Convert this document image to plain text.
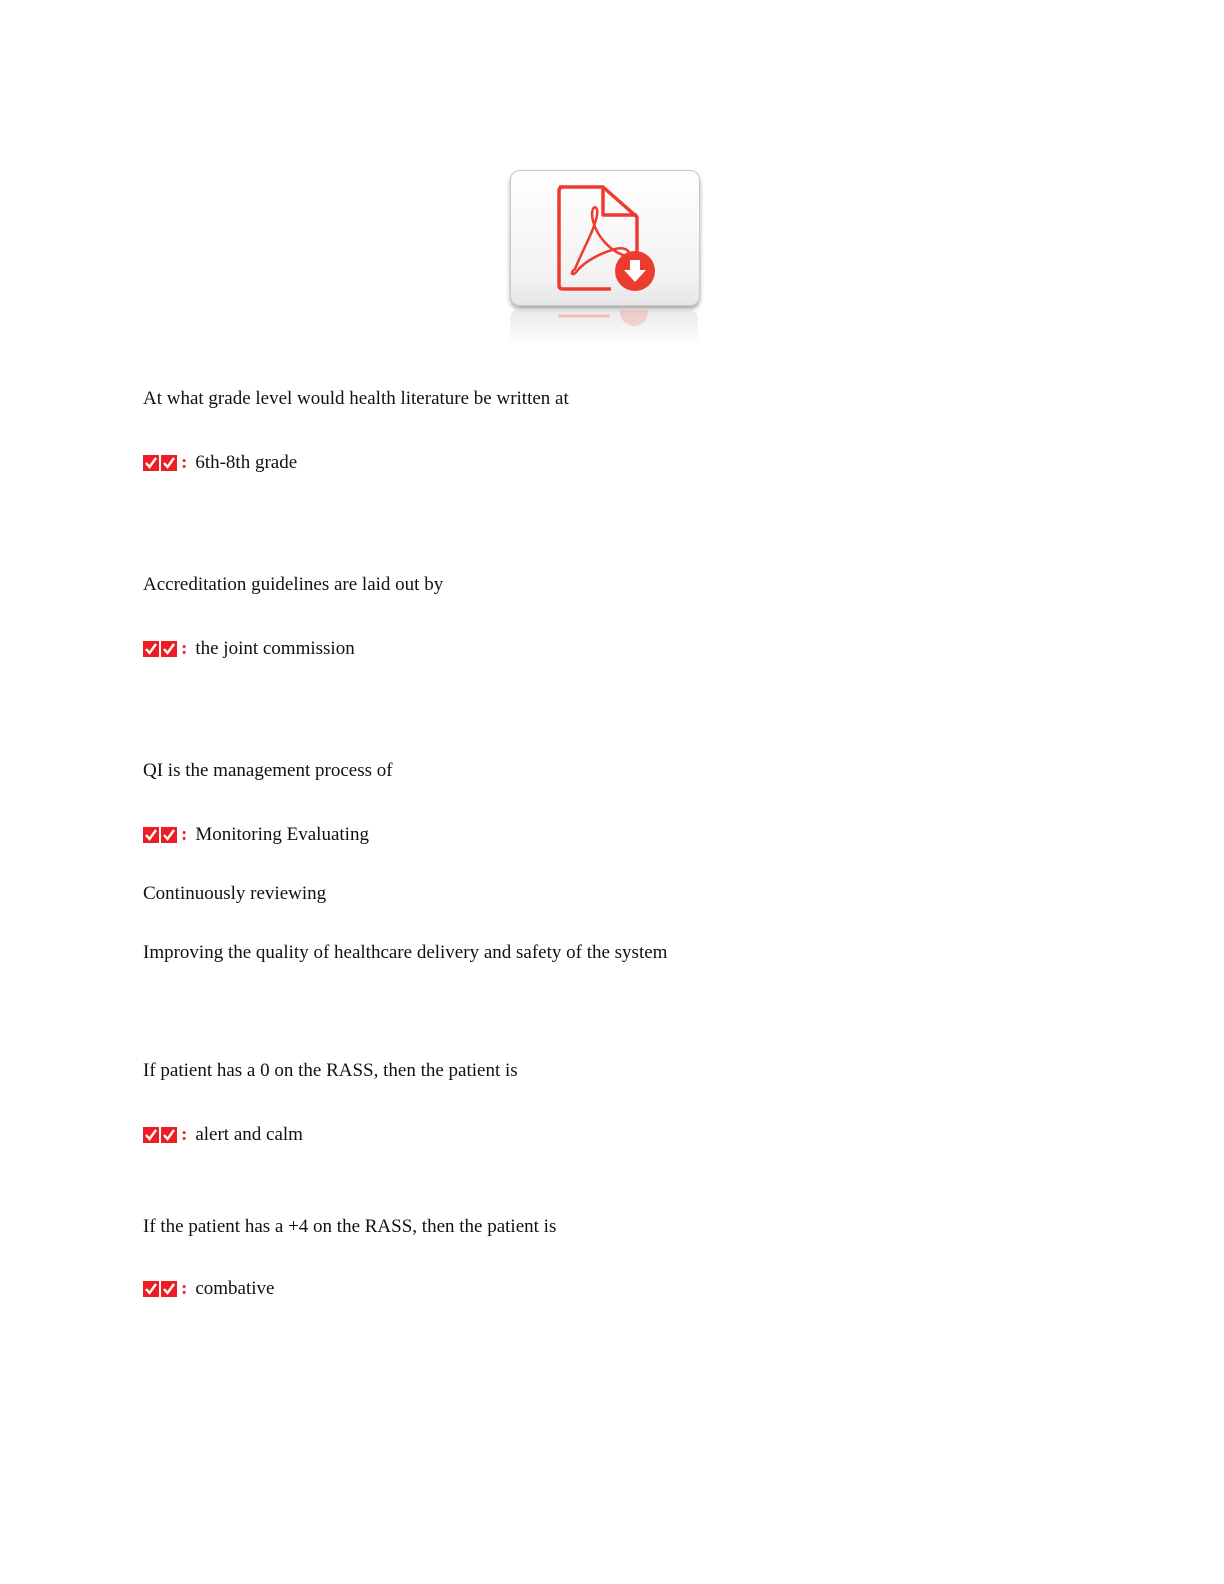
At what grade level would health literature be written at
: 6th-8th grade
Accreditation guidelines are laid out by
: the joint commission
QI is the management process of
: Monitoring Evaluating
Continuously reviewing
Improving the quality of healthcare delivery and safety of the system
If patient has a 0 on the RASS, then the patient is
: alert and calm
If the patient has a +4 on the RASS, then the patient is
: combative
